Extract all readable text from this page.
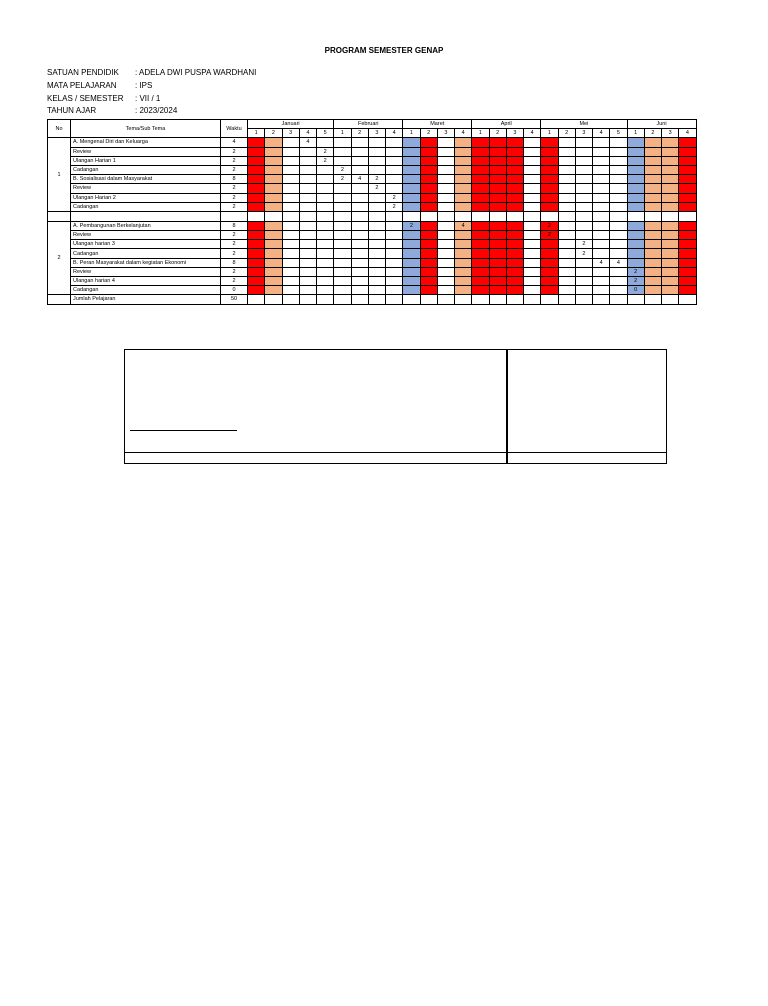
PROGRAM SEMESTER GENAP
SATUAN PENDIDIK : ADELA DWI PUSPA WARDHANI
MATA PELAJARAN : IPS
KELAS / SEMESTER : VII / 1
TAHUN AJAR	: 2023/2024
No	Tema/Sub Tema	Waktu	Januari					Februari				Maret				April				Mei					Juni			
			1	2	3	4	5	1	2	3	4	1	2	3	4	1	2	3	4	1	2	3	4	5	1	2	3	4
1	A. Mengenal Diri dan Keluarga	4				4																						
	Review	2					2																					
	Ulangan Harian 1	2					2																					
	Cadangan	2						2																				
	B. Sosialisasi dalam Masyarakat	8						2	4	2																		
	Review	2								2																		
	Ulangan Harian 2	2									2																	
	Cadangan	2									2																	

2	A. Pembangunan Berkelanjutan	8										2			4					2								
	Review	2																		2								
	Ulangan harian 3	2																				2						
	Cadangan	2																				2						
	B. Peran Masyarakat dalam kegiatan Ekonomi	8																					4	4				
	Review	2																							2			
	Ulangan harian 4	2																							2			
	Cadangan	0																							0			
	Jumlah Pelajaran	50																										
